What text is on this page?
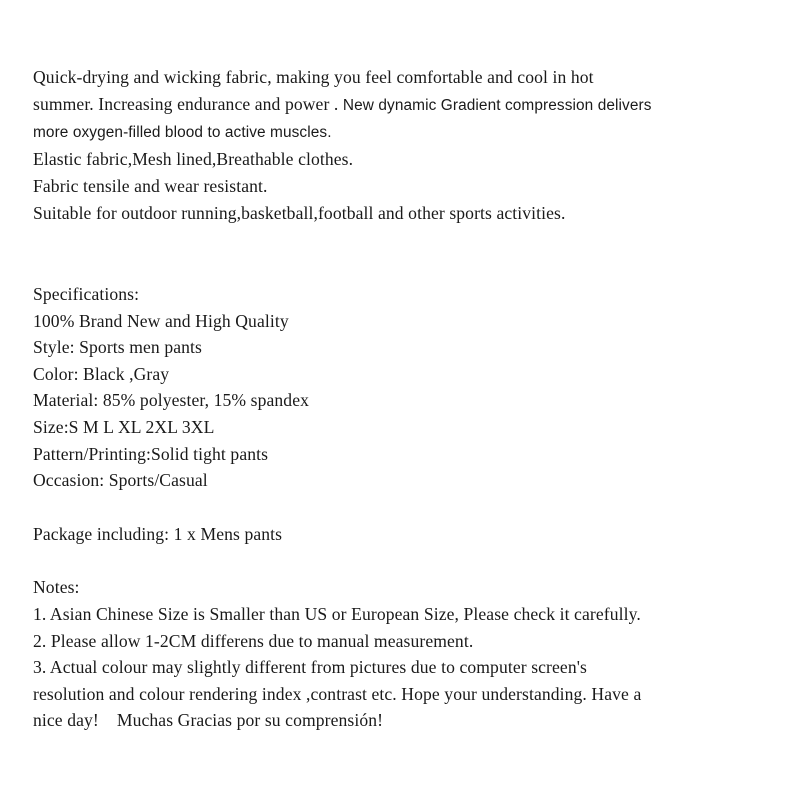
Quick-drying and wicking fabric, making you feel comfortable and cool in hot
summer. Increasing endurance and power . New dynamic Gradient compression delivers
more oxygen-filled blood to active muscles.
Elastic fabric,Mesh lined,Breathable clothes.
Fabric tensile and wear resistant.
Suitable for outdoor running,basketball,football and other sports activities.
Specifications:
100% Brand New and High Quality
Style: Sports men pants
Color: Black ,Gray
Material: 85% polyester, 15% spandex
Size:S M L XL 2XL 3XL
Pattern/Printing:Solid tight pants
Occasion: Sports/Casual
Package including: 1 x Mens pants
Notes:
1. Asian Chinese Size is Smaller than US or European Size, Please check it carefully.
2. Please allow 1-2CM differens due to manual measurement.
3. Actual colour may slightly different from pictures due to computer screen's
resolution and colour rendering index ,contrast etc. Hope your understanding. Have a
nice day!    Muchas Gracias por su comprensión!
